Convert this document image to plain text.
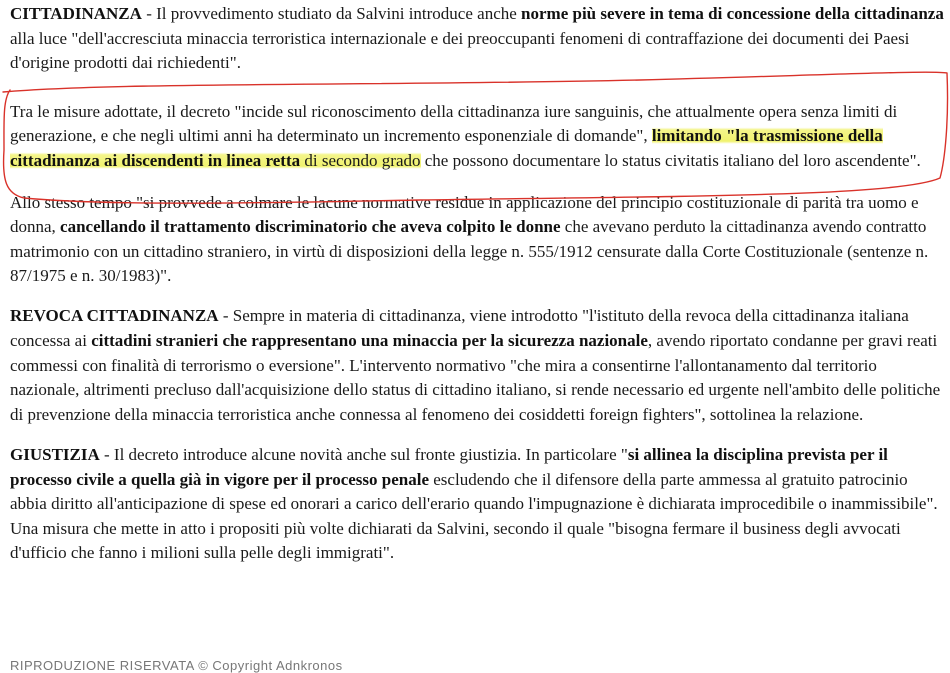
CITTADINANZA - Il provvedimento studiato da Salvini introduce anche norme più severe in tema di concessione della cittadinanza alla luce "dell'accresciuta minaccia terroristica internazionale e dei preoccupanti fenomeni di contraffazione dei documenti dei Paesi d'origine prodotti dai richiedenti".

Tra le misure adottate, il decreto "incide sul riconoscimento della cittadinanza iure sanguinis, che attualmente opera senza limiti di generazione, e che negli ultimi anni ha determinato un incremento esponenziale di domande", limitando "la trasmissione della cittadinanza ai discendenti in linea retta di secondo grado che possono documentare lo status civitatis italiano del loro ascendente".

Allo stesso tempo "si provvede a colmare le lacune normative residue in applicazione del principio costituzionale di parità tra uomo e donna, cancellando il trattamento discriminatorio che aveva colpito le donne che avevano perduto la cittadinanza avendo contratto matrimonio con un cittadino straniero, in virtù di disposizioni della legge n. 555/1912 censurate dalla Corte Costituzionale (sentenze n. 87/1975 e n. 30/1983)".

REVOCA CITTADINANZA - Sempre in materia di cittadinanza, viene introdotto "l'istituto della revoca della cittadinanza italiana concessa ai cittadini stranieri che rappresentano una minaccia per la sicurezza nazionale, avendo riportato condanne per gravi reati commessi con finalità di terrorismo o eversione". L'intervento normativo "che mira a consentirne l'allontanamento dal territorio nazionale, altrimenti precluso dall'acquisizione dello status di cittadino italiano, si rende necessario ed urgente nell'ambito delle politiche di prevenzione della minaccia terroristica anche connessa al fenomeno dei cosiddetti foreign fighters", sottolinea la relazione.

GIUSTIZIA - Il decreto introduce alcune novità anche sul fronte giustizia. In particolare "si allinea la disciplina prevista per il processo civile a quella già in vigore per il processo penale escludendo che il difensore della parte ammessa al gratuito patrocinio abbia diritto all'anticipazione di spese ed onorari a carico dell'erario quando l'impugnazione è dichiarata improcedibile o inammissibile". Una misura che mette in atto i propositi più volte dichiarati da Salvini, secondo il quale "bisogna fermare il business degli avvocati d'ufficio che fanno i milioni sulla pelle degli immigrati".

RIPRODUZIONE RISERVATA © Copyright Adnkronos
